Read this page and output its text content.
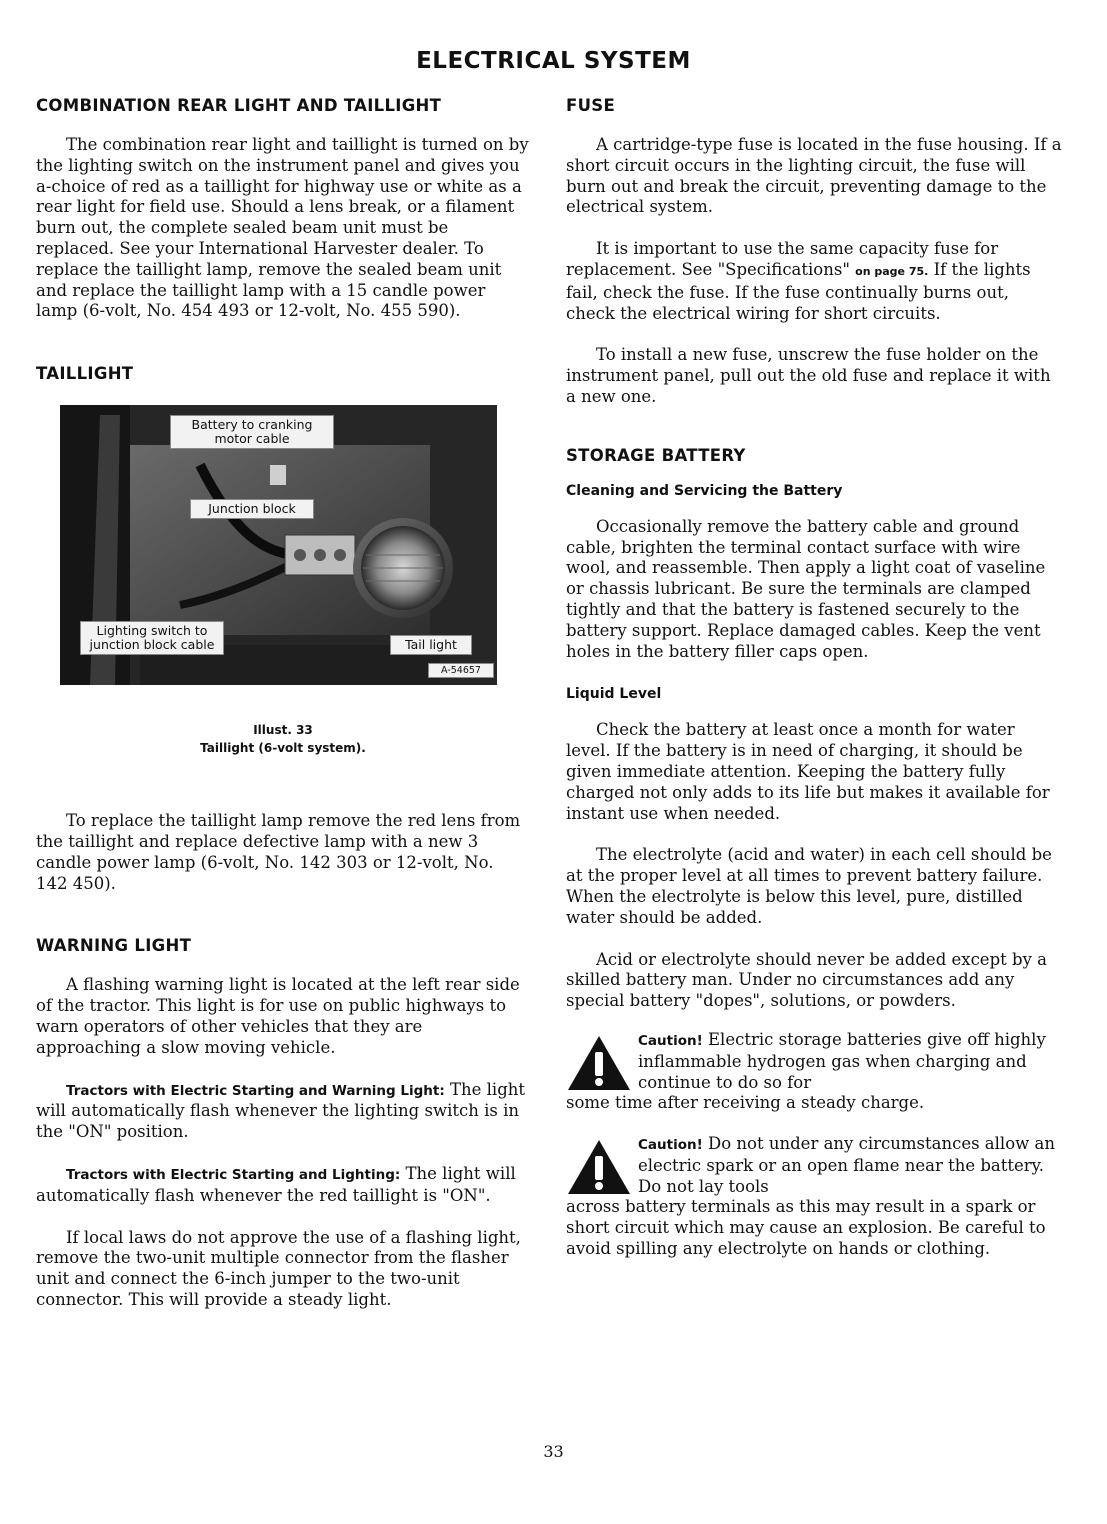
ELECTRICAL SYSTEM
COMBINATION REAR LIGHT AND TAILLIGHT

The combination rear light and taillight is turned on by the lighting switch on the instrument panel and gives you a-choice of red as a taillight for highway use or white as a rear light for field use. Should a lens break, or a filament burn out, the complete sealed beam unit must be replaced. See your International Harvester dealer. To replace the taillight lamp, remove the sealed beam unit and replace the taillight lamp with a 15 candle power lamp (6-volt, No. 454 493 or 12-volt, No. 455 590).

TAILLIGHT
Battery to cranking motor cable
Junction block
Lighting switch to junction block cable	Tail light
A-54657
Illust. 33
Taillight (6-volt system).

To replace the taillight lamp remove the red lens from the taillight and replace defective lamp with a new 3 candle power lamp (6-volt, No. 142 303 or 12-volt, No. 142 450).

WARNING LIGHT

A flashing warning light is located at the left rear side of the tractor. This light is for use on public highways to warn operators of other vehicles that they are approaching a slow moving vehicle.

Tractors with Electric Starting and Warning Light: The light will automatically flash whenever the lighting switch is in the "ON" position.

Tractors with Electric Starting and Lighting: The light will automatically flash whenever the red taillight is "ON".

If local laws do not approve the use of a flashing light, remove the two-unit multiple connector from the flasher unit and connect the 6-inch jumper to the two-unit connector. This will provide a steady light.

FUSE

A cartridge-type fuse is located in the fuse housing. If a short circuit occurs in the lighting circuit, the fuse will burn out and break the circuit, preventing damage to the electrical system.

It is important to use the same capacity fuse for replacement. See "Specifications" on page 75. If the lights fail, check the fuse. If the fuse continually burns out, check the electrical wiring for short circuits.

To install a new fuse, unscrew the fuse holder on the instrument panel, pull out the old fuse and replace it with a new one.

STORAGE BATTERY
Cleaning and Servicing the Battery

Occasionally remove the battery cable and ground cable, brighten the terminal contact surface with wire wool, and reassemble. Then apply a light coat of vaseline or chassis lubricant. Be sure the terminals are clamped tightly and that the battery is fastened securely to the battery support. Replace damaged cables. Keep the vent holes in the battery filler caps open.

Liquid Level

Check the battery at least once a month for water level. If the battery is in need of charging, it should be given immediate attention. Keeping the battery fully charged not only adds to its life but makes it available for instant use when needed.

The electrolyte (acid and water) in each cell should be at the proper level at all times to prevent battery failure. When the electrolyte is below this level, pure, distilled water should be added.

Acid or electrolyte should never be added except by a skilled battery man. Under no circumstances add any special battery "dopes", solutions, or powders.

Caution! Electric storage batteries give off highly inflammable hydrogen gas when charging and continue to do so for

some time after receiving a steady charge.

Caution! Do not under any circumstances allow an electric spark or an open flame near the battery. Do not lay tools

across battery terminals as this may result in a spark or short circuit which may cause an explosion. Be careful to avoid spilling any electrolyte on hands or clothing.

33
